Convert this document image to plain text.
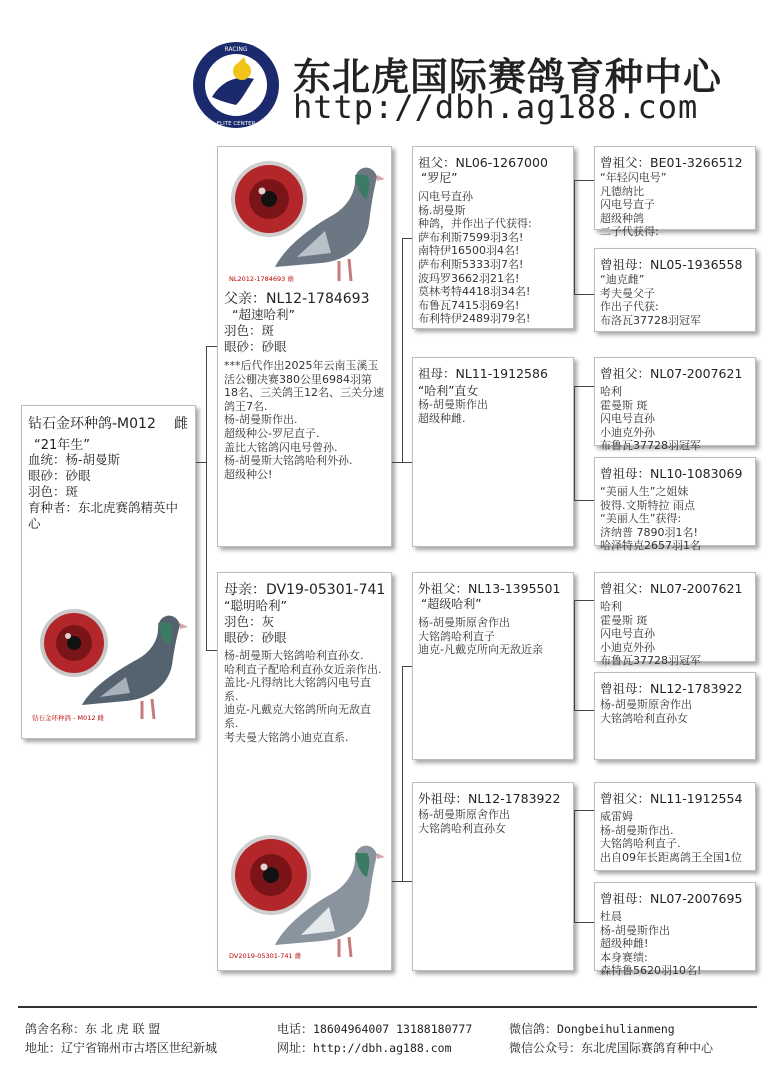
RACING
ELITE CENTER
东北虎国际赛鸽育种中心
http://dbh.ag188.com
钻石金环种鸽-M012 雌
“21年生”
血统：杨-胡曼斯
眼砂：砂眼
羽色：斑
育种者：东北虎赛鸽精英中心
钻石金环种鸽 - M012 雌
NL2012-1784693 雄
父亲：NL12-1784693
“超速哈利”
羽色：斑
眼砂：砂眼
***后代作出2025年云南玉溪玉活公棚决赛380公里6984羽第18名、三关鸽王12名、三关分速鸽王7名.
杨-胡曼斯作出.
超级种公-罗尼直子.
盖比大铭鸽闪电号曾孙.
杨-胡曼斯大铭鸽哈利外孙.
超级种公!
母亲：DV19-05301-741
“聪明哈利”
羽色：灰
眼砂：砂眼
杨-胡曼斯大铭鸽哈利直孙女.
哈利直子配哈利直孙女近亲作出.
盖比-凡得纳比大铭鸽闪电号直系.
迪克-凡戴克大铭鸽所向无敌直系.
考夫曼大铭鸽小迪克直系.
DV2019-05301-741 雌
祖父：NL06-1267000
“罗尼”
闪电号直孙
杨.胡曼斯
种鸽，并作出子代获得:
萨布利斯7599羽3名!
南特伊16500羽4名!
萨布利斯5333羽7名!
波玛罗3662羽21名!
莫林考特4418羽34名!
布鲁瓦7415羽69名!
布利特伊2489羽79名!
祖母：NL11-1912586
“哈利”直女
杨-胡曼斯作出
超级种雌.
外祖父：NL13-1395501
“超级哈利”
杨-胡曼斯原舍作出
大铭鸽哈利直子
迪克-凡戴克所向无敌近亲
外祖母：NL12-1783922
杨-胡曼斯原舍作出
大铭鸽哈利直孙女
曾祖父：BE01-3266512
“年轻闪电号”
凡德纳比
闪电号直子
超级种鸽
二子代获得:
曾祖母：NL05-1936558
“迪克雌”
考夫曼父子
作出子代获:
布洛瓦37728羽冠军
曾祖父：NL07-2007621
哈利
霍曼斯 斑
闪电号直孙
小迪克外孙
布鲁瓦37728羽冠军
曾祖母：NL10-1083069
“美丽人生”之姐妹
彼得.文斯特拉 雨点
“美丽人生”获得:
济纳普 7890羽1名!
哈泽特克2657羽1名
曾祖父：NL07-2007621
哈利
霍曼斯 斑
闪电号直孙
小迪克外孙
布鲁瓦37728羽冠军
曾祖母：NL12-1783922
杨-胡曼斯原舍作出
大铭鸽哈利直孙女
曾祖父：NL11-1912554
威雷姆
杨-胡曼斯作出.
大铭鸽哈利直子.
出自09年长距离鸽王全国1位
曾祖母：NL07-2007695
杜晨
杨-胡曼斯作出
超级种雌!
本身赛绩:
森特鲁5620羽10名!
鸽舍名称：东 北 虎 联 盟	电话：18604964007 13188180777	微信鸽：Dongbeihulianmeng
地址：辽宁省锦州市古塔区世纪新城	网址：http://dbh.ag188.com	微信公众号：东北虎国际赛鸽育种中心
